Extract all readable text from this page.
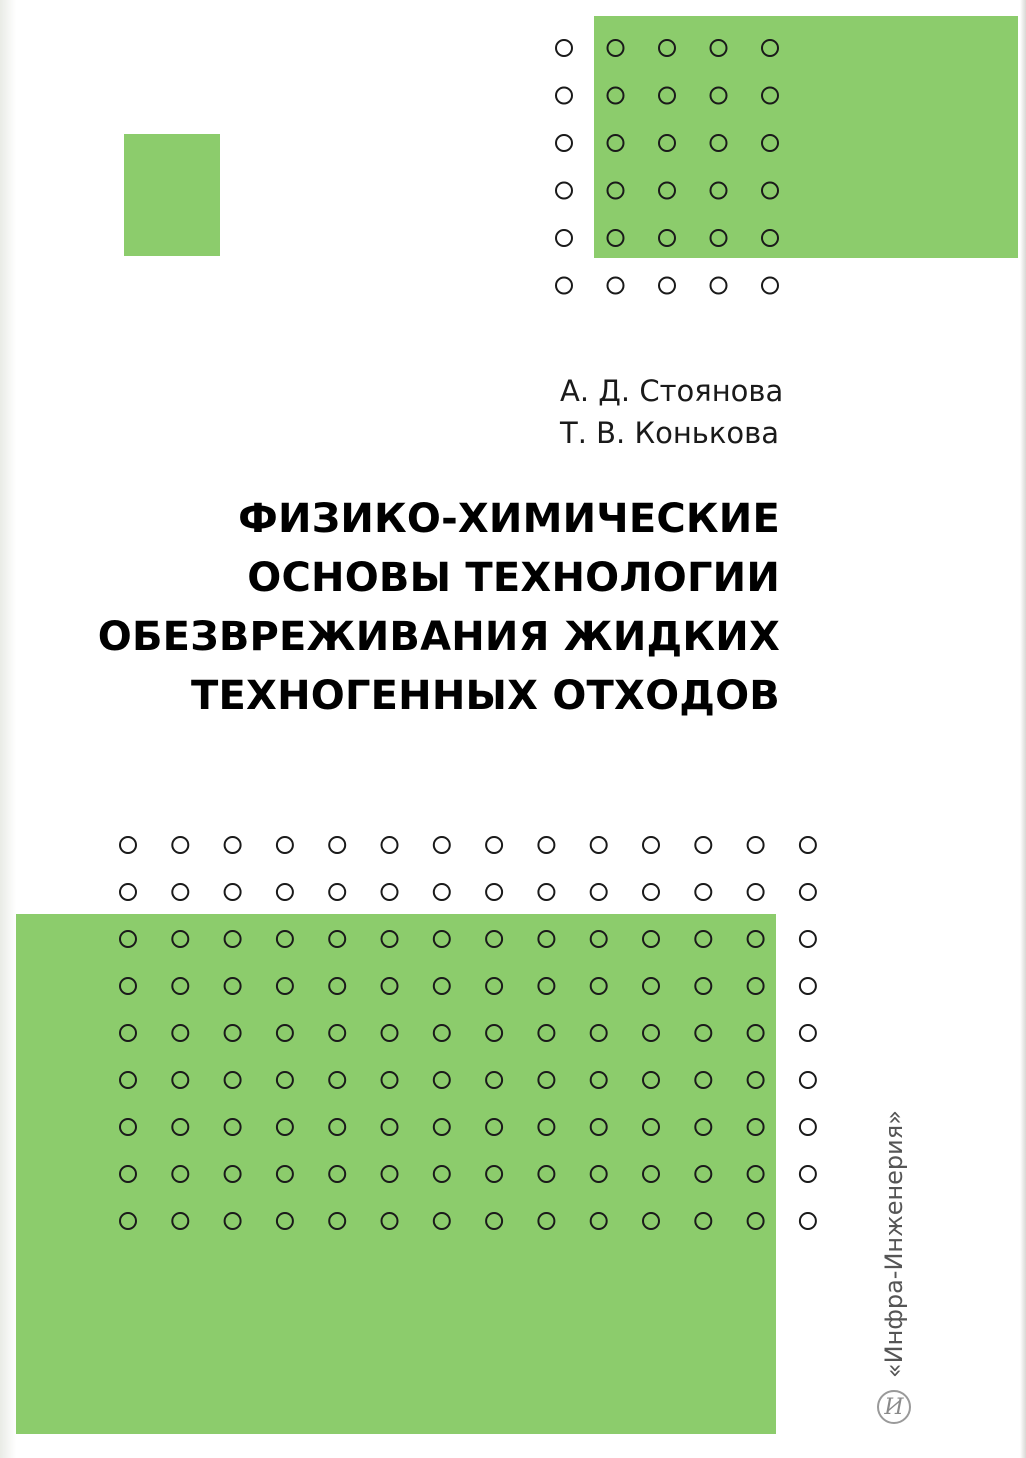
А. Д. Стоянова
Т. В. Конькова
ФИЗИКО-ХИМИЧЕСКИЕ
ОСНОВЫ ТЕХНОЛОГИИ
ОБЕЗВРЕЖИВАНИЯ ЖИДКИХ
ТЕХНОГЕННЫХ ОТХОДОВ
И
«Инфра-Инженерия»
